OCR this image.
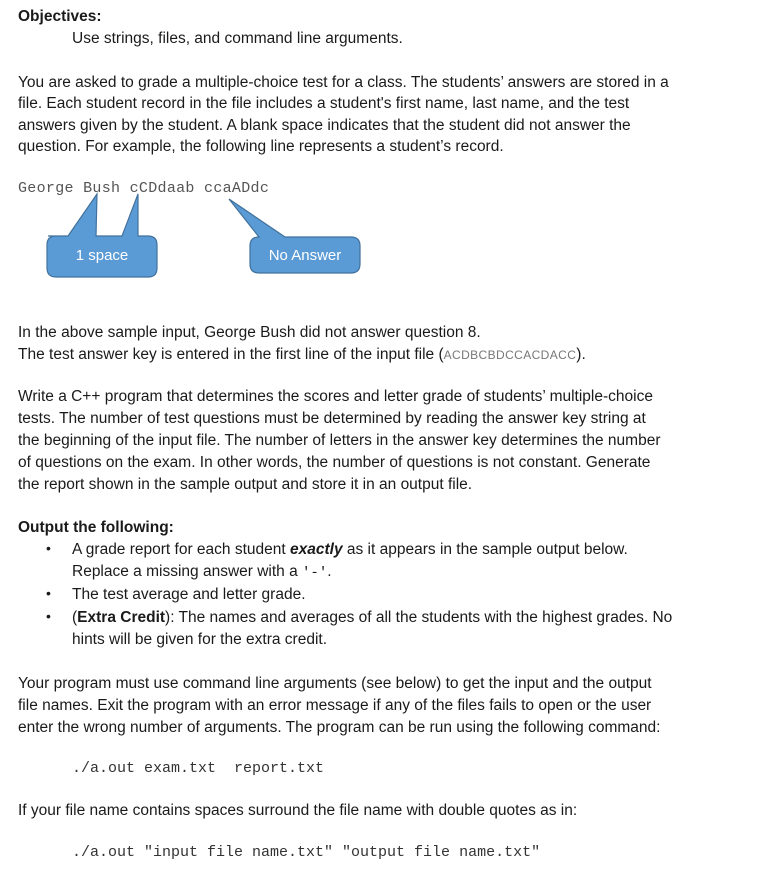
Objectives:
Use strings, files, and command line arguments.
You are asked to grade a multiple-choice test for a class. The students’ answers are stored in a
file. Each student record in the file includes a student's first name, last name, and the test
answers given by the student. A blank space indicates that the student did not answer the
question. For example, the following line represents a student’s record.
George Bush cCDdaab ccaADdc
1 space	No Answer
In the above sample input, George Bush did not answer question 8.
The test answer key is entered in the first line of the input file (ACDBCBDCCACDACC).
Write a C++ program that determines the scores and letter grade of students’ multiple-choice
tests. The number of test questions must be determined by reading the answer key string at
the beginning of the input file. The number of letters in the answer key determines the number
of questions on the exam. In other words, the number of questions is not constant. Generate
the report shown in the sample output and store it in an output file.
Output the following:
• A grade report for each student exactly as it appears in the sample output below.
Replace a missing answer with a '-'.
• The test average and letter grade.
• (Extra Credit): The names and averages of all the students with the highest grades. No
hints will be given for the extra credit.
Your program must use command line arguments (see below) to get the input and the output
file names. Exit the program with an error message if any of the files fails to open or the user
enter the wrong number of arguments. The program can be run using the following command:
./a.out exam.txt  report.txt
If your file name contains spaces surround the file name with double quotes as in:
./a.out "input file name.txt" "output file name.txt"
